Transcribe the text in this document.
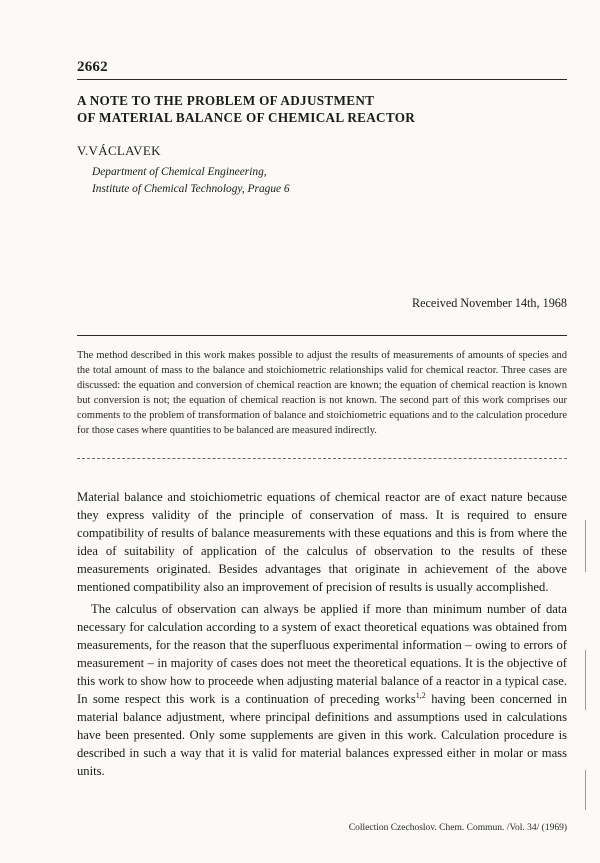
2662
A NOTE TO THE PROBLEM OF ADJUSTMENT
OF MATERIAL BALANCE OF CHEMICAL REACTOR
V.VÁCLAVEK
Department of Chemical Engineering,
Institute of Chemical Technology, Prague 6
Received November 14th, 1968
The method described in this work makes possible to adjust the results of measurements of amounts of species and the total amount of mass to the balance and stoichiometric relationships valid for chemical reactor. Three cases are discussed: the equation and conversion of chemical reaction are known; the equation of chemical reaction is known but conversion is not; the equation of chemical reaction is not known. The second part of this work comprises our comments to the problem of transformation of balance and stoichiometric equations and to the calculation procedure for those cases where quantities to be balanced are measured indirectly.

Material balance and stoichiometric equations of chemical reactor are of exact nature because they express validity of the principle of conservation of mass. It is required to ensure compatibility of results of balance measurements with these equations and this is from where the idea of suitability of application of the calculus of observation to the results of these measurements originated. Besides advantages that originate in achievement of the above mentioned compatibility also an improvement of precision of results is usually accomplished.

The calculus of observation can always be applied if more than minimum number of data necessary for calculation according to a system of exact theoretical equations was obtained from measurements, for the reason that the superfluous experimental information – owing to errors of measurement – in majority of cases does not meet the theoretical equations. It is the objective of this work to show how to proceede when adjusting material balance of a reactor in a typical case. In some respect this work is a continuation of preceding works$^{1,2}$ having been concerned in material balance adjustment, where principal definitions and assumptions used in calculations have been presented. Only some supplements are given in this work. Calculation procedure is described in such a way that it is valid for material balances expressed either in molar or mass units.

Collection Czechoslov. Chem. Commun. /Vol. 34/ (1969)
